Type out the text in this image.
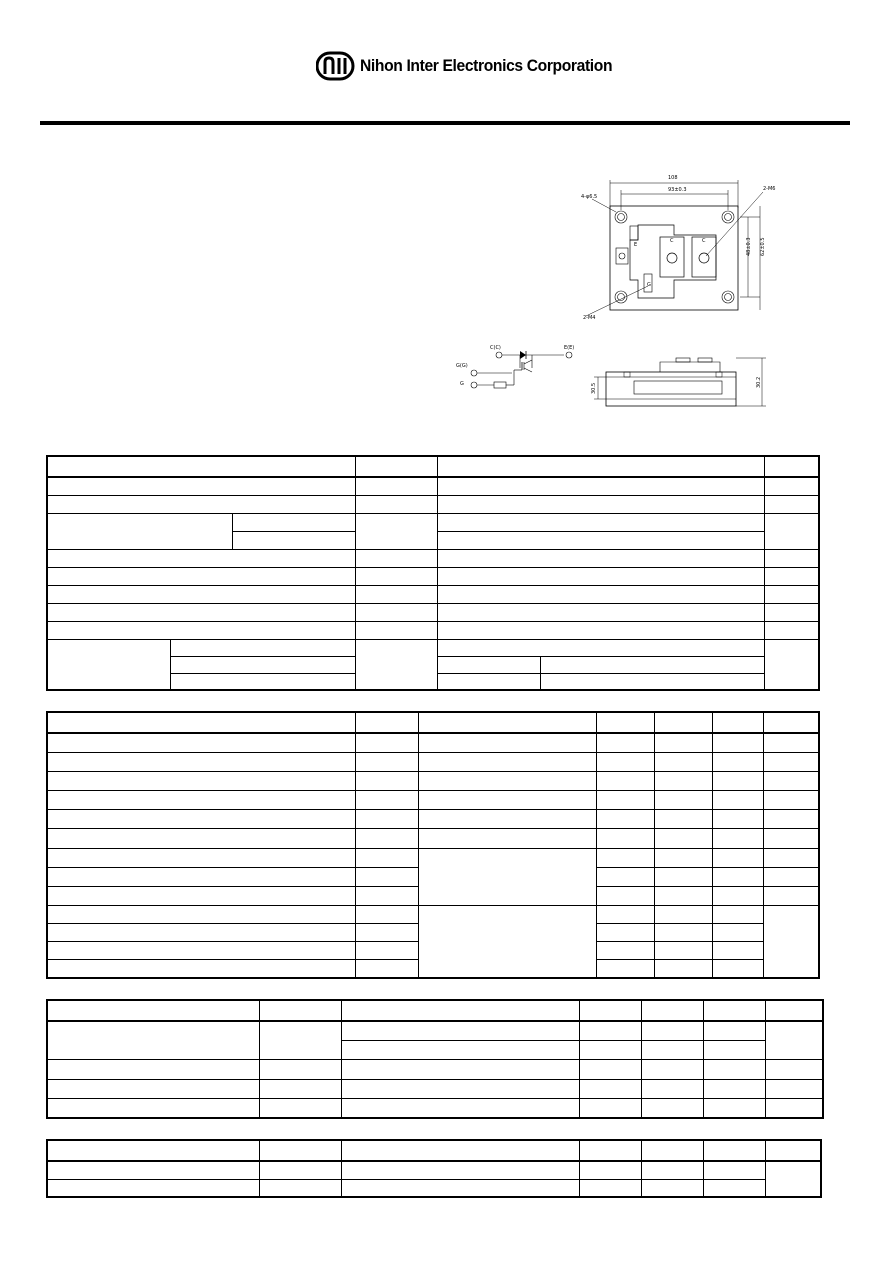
Nihon Inter Electronics Corporation
108
93±0.3
4-φ6.5
2-M6
2-M4
48±0.3 62±0.5
E
G
C	C
C(C)	E(E)
G(G)
G	30.5
30.2
